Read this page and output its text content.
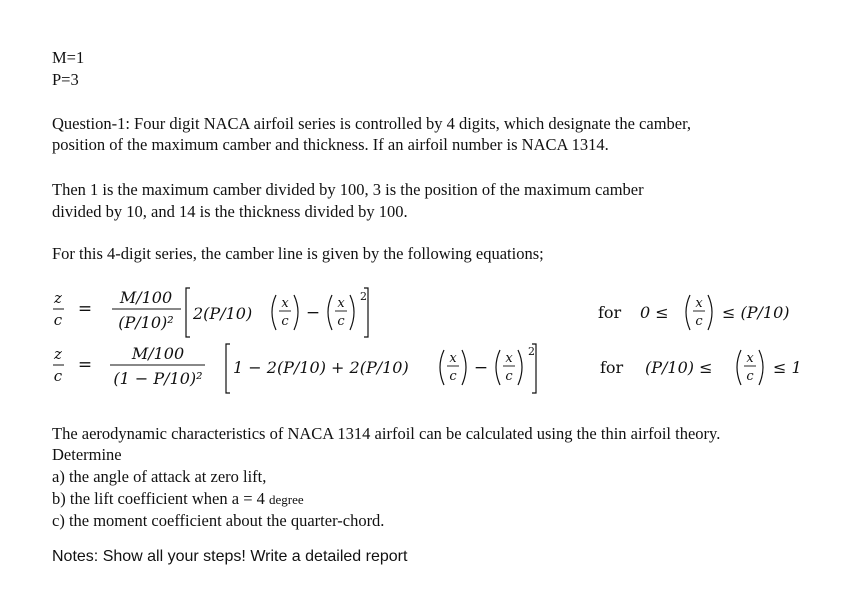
M=1
P=3
Question-1: Four digit NACA airfoil series is controlled by 4 digits, which designate the camber,
position of the maximum camber and thickness. If an airfoil number is NACA 1314.
Then 1 is the maximum camber divided by 100, 3 is the position of the maximum camber
divided by 10, and 14 is the thickness divided by 100.
For this 4-digit series, the camber line is given by the following equations;
z
c
=
M/100
(P/10)² 2(P/10)
x
c − x
c
2
for 0 ≤ x
c ≤ (P/10)
z
c
=
M/100
(1 − P/10)²
1 − 2(P/10) + 2(P/10)	x
c − x
c
2
for (P/10) ≤	x
c ≤ 1
The aerodynamic characteristics of NACA 1314 airfoil can be calculated using the thin airfoil theory.
Determine
a) the angle of attack at zero lift,
b) the lift coefficient when a = 4 degree
c) the moment coefficient about the quarter-chord.
Notes: Show all your steps! Write a detailed report
